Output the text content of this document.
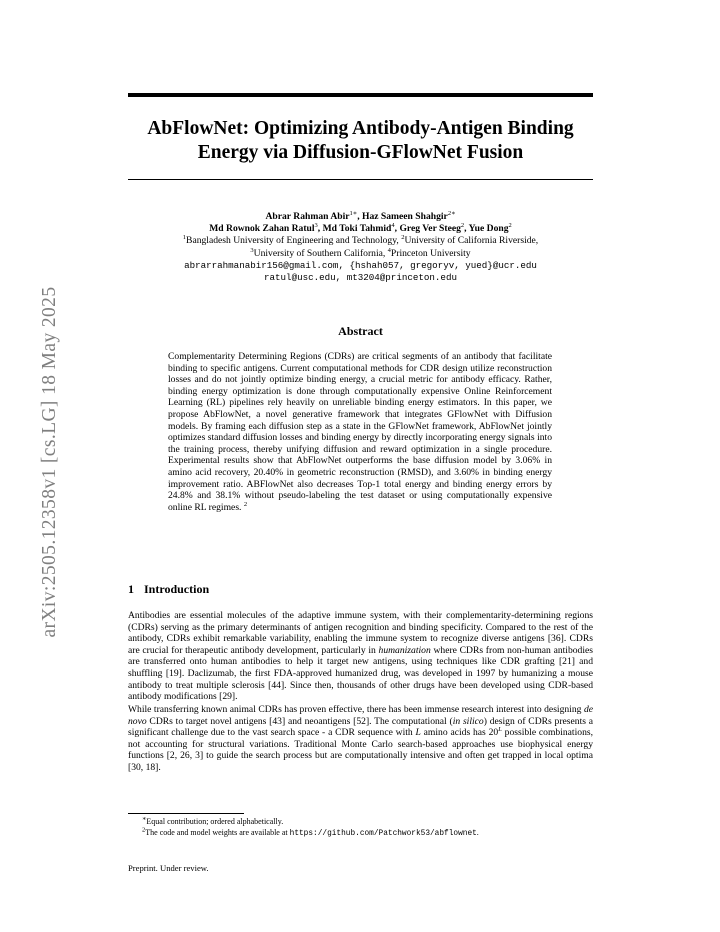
arXiv:2505.12358v1 [cs.LG] 18 May 2025
AbFlowNet: Optimizing Antibody-Antigen Binding
Energy via Diffusion-GFlowNet Fusion
Abrar Rahman Abir$^{1∗}$, Haz Sameen Shahgir$^{2∗}$
Md Rownok Zahan Ratul$^3$, Md Toki Tahmid$^4$, Greg Ver Steeg$^2$, Yue Dong$^2$
$^1$Bangladesh University of Engineering and Technology, $^2$University of California Riverside,
$^3$University of Southern California, $^4$Princeton University
abrarrahmanabir156@gmail.com, {hshah057, gregoryv, yued}@ucr.edu
ratul@usc.edu, mt3204@princeton.edu
Abstract
Complementarity Determining Regions (CDRs) are critical segments of an antibody that facilitate binding to specific antigens. Current computational methods for CDR design utilize reconstruction losses and do not jointly optimize binding energy, a crucial metric for antibody efficacy. Rather, binding energy optimization is done through computationally expensive Online Reinforcement Learning (RL) pipelines rely heavily on unreliable binding energy estimators. In this paper, we propose AbFlowNet, a novel generative framework that integrates GFlowNet with Diffusion models. By framing each diffusion step as a state in the GFlowNet framework, AbFlowNet jointly optimizes standard diffusion losses and binding energy by directly incorporating energy signals into the training process, thereby unifying diffusion and reward optimization in a single procedure. Experimental results show that AbFlowNet outperforms the base diffusion model by 3.06% in amino acid recovery, 20.40% in geometric reconstruction (RMSD), and 3.60% in binding energy improvement ratio. ABFlowNet also decreases Top-1 total energy and binding energy errors by 24.8% and 38.1% without pseudo-labeling the test dataset or using computationally expensive online RL regimes. $^2$
1 Introduction
Antibodies are essential molecules of the adaptive immune system, with their complementarity-determining regions (CDRs) serving as the primary determinants of antigen recognition and binding specificity. Compared to the rest of the antibody, CDRs exhibit remarkable variability, enabling the immune system to recognize diverse antigens [36]. CDRs are crucial for therapeutic antibody development, particularly in humanization where CDRs from non-human antibodies are transferred onto human antibodies to help it target new antigens, using techniques like CDR grafting [21] and shuffling [19]. Daclizumab, the first FDA-approved humanized drug, was developed in 1997 by humanizing a mouse antibody to treat multiple sclerosis [44]. Since then, thousands of other drugs have been developed using CDR-based antibody modifications [29].
While transferring known animal CDRs has proven effective, there has been immense research interest into designing de novo CDRs to target novel antigens [43] and neoantigens [52]. The computational (in silico) design of CDRs presents a significant challenge due to the vast search space - a CDR sequence with L amino acids has $20^L$ possible combinations, not accounting for structural variations. Traditional Monte Carlo search-based approaches use biophysical energy functions [2, 26, 3] to guide the search process but are computationally intensive and often get trapped in local optima [30, 18].
∗Equal contribution; ordered alphabetically.
$^2$The code and model weights are available at https://github.com/Patchwork53/abflownet.
Preprint. Under review.
